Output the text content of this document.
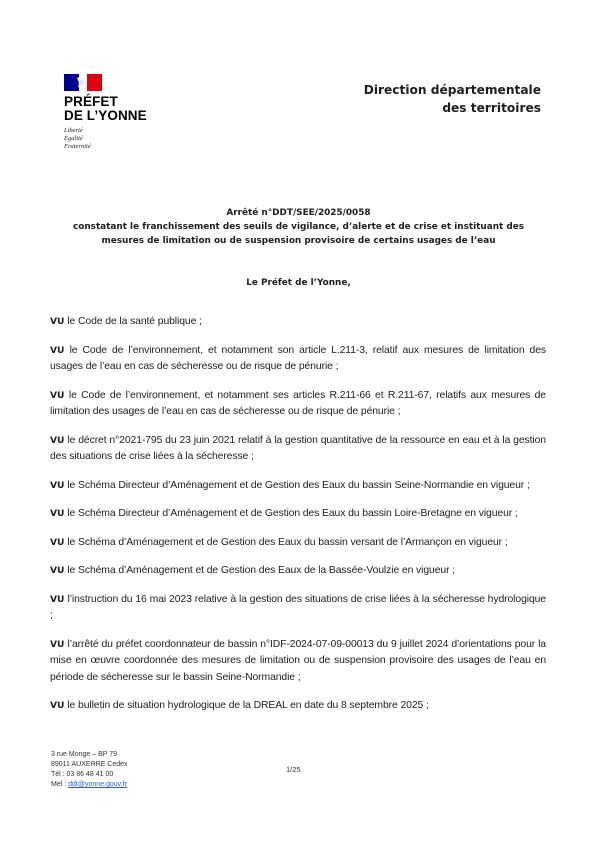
PRÉFET
DE L’YONNE
Liberté
Égalité
Fraternité
Direction départementale
des territoires
Arrêté n°DDT/SEE/2025/0058
constatant le franchissement des seuils de vigilance, d’alerte et de crise et instituant des
mesures de limitation ou de suspension provisoire de certains usages de l’eau
Le Préfet de l’Yonne,

VU le Code de la santé publique ;

VU le Code de l’environnement, et notamment son article L.211-3, relatif aux mesures de limitation des usages de l’eau en cas de sécheresse ou de risque de pénurie ;

VU le Code de l’environnement, et notamment ses articles R.211-66 et R.211-67, relatifs aux mesures de limitation des usages de l’eau en cas de sécheresse ou de risque de pénurie ;

VU le décret n°2021-795 du 23 juin 2021 relatif à la gestion quantitative de la ressource en eau et à la gestion des situations de crise liées à la sécheresse ;

VU le Schéma Directeur d’Aménagement et de Gestion des Eaux du bassin Seine-Normandie en vigueur ;

VU le Schéma Directeur d’Aménagement et de Gestion des Eaux du bassin Loire-Bretagne en vigueur ;

VU le Schéma d’Aménagement et de Gestion des Eaux du bassin versant de l’Armançon en vigueur ;

VU le Schéma d’Aménagement et de Gestion des Eaux de la Bassée-Voulzie en vigueur ;

VU l’instruction du 16 mai 2023 relative à la gestion des situations de crise liées à la sécheresse hydrologique ;

VU l’arrêté du préfet coordonnateur de bassin n°IDF-2024-07-09-00013 du 9 juillet 2024 d’orientations pour la mise en œuvre coordonnée des mesures de limitation ou de suspension provisoire des usages de l’eau en période de sécheresse sur le bassin Seine-Normandie ;

VU le bulletin de situation hydrologique de la DREAL en date du 8 septembre 2025 ;

3 rue Monge – BP 79
89011 AUXERRE Cedex
Tél : 03 86 48 41 00
Mel : ddt@yonne.gouv.fr
1/25
